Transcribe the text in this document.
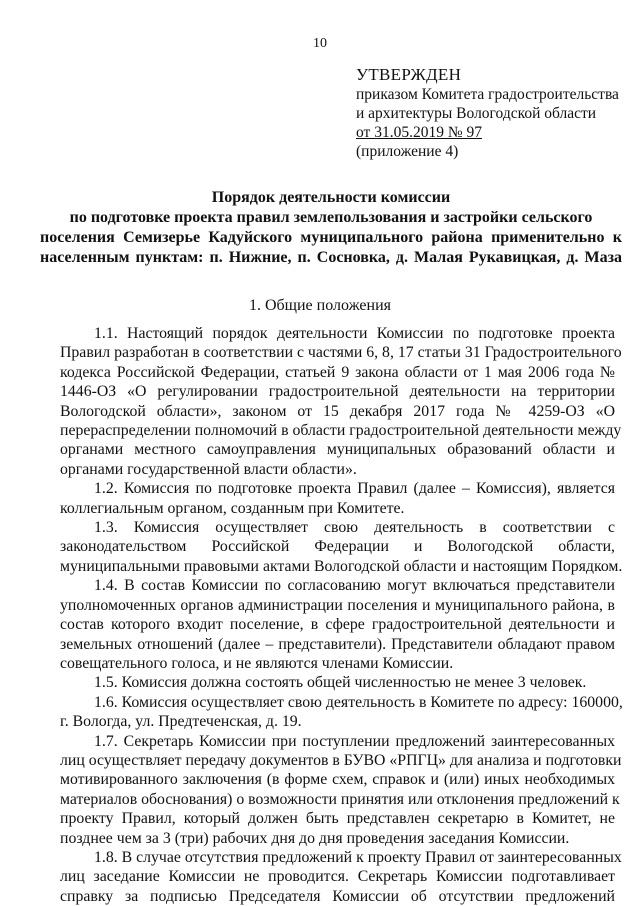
10
УТВЕРЖДЕН
приказом Комитета градостроительства
и архитектуры Вологодской области
от 31.05.2019 № 97
(приложение 4)
Порядок деятельности комиссии
по подготовке проекта правил землепользования и застройки сельского
поселения Семизерье Кадуйского муниципального района применительно к
населенным пунктам: п. Нижние, п. Сосновка, д. Малая Рукавицкая, д. Маза
1. Общие положения
1.1. Настоящий порядок деятельности Комиссии по подготовке проекта
Правил разработан в соответствии с частями 6, 8, 17 статьи 31 Градостроительного
кодекса Российской Федерации, статьей 9 закона области от 1 мая 2006 года №
1446-ОЗ «О регулировании градостроительной деятельности на территории
Вологодской области», законом от 15 декабря 2017 года № 4259-ОЗ «О
перераспределении полномочий в области градостроительной деятельности между
органами местного самоуправления муниципальных образований области и
органами государственной власти области».
1.2. Комиссия по подготовке проекта Правил (далее – Комиссия), является
коллегиальным органом, созданным при Комитете.
1.3. Комиссия осуществляет свою деятельность в соответствии с
законодательством Российской Федерации и Вологодской области,
муниципальными правовыми актами Вологодской области и настоящим Порядком.
1.4. В состав Комиссии по согласованию могут включаться представители
уполномоченных органов администрации поселения и муниципального района, в
состав которого входит поселение, в сфере градостроительной деятельности и
земельных отношений (далее – представители). Представители обладают правом
совещательного голоса, и не являются членами Комиссии.
1.5. Комиссия должна состоять общей численностью не менее 3 человек.
1.6. Комиссия осуществляет свою деятельность в Комитете по адресу: 160000,
г. Вологда, ул. Предтеченская, д. 19.
1.7. Секретарь Комиссии при поступлении предложений заинтересованных
лиц осуществляет передачу документов в БУВО «РПГЦ» для анализа и подготовки
мотивированного заключения (в форме схем, справок и (или) иных необходимых
материалов обоснования) о возможности принятия или отклонения предложений к
проекту Правил, который должен быть представлен секретарю в Комитет, не
позднее чем за 3 (три) рабочих дня до дня проведения заседания Комиссии.
1.8. В случае отсутствия предложений к проекту Правил от заинтересованных
лиц заседание Комиссии не проводится. Секретарь Комиссии подготавливает
справку за подписью Председателя Комиссии об отсутствии предложений
